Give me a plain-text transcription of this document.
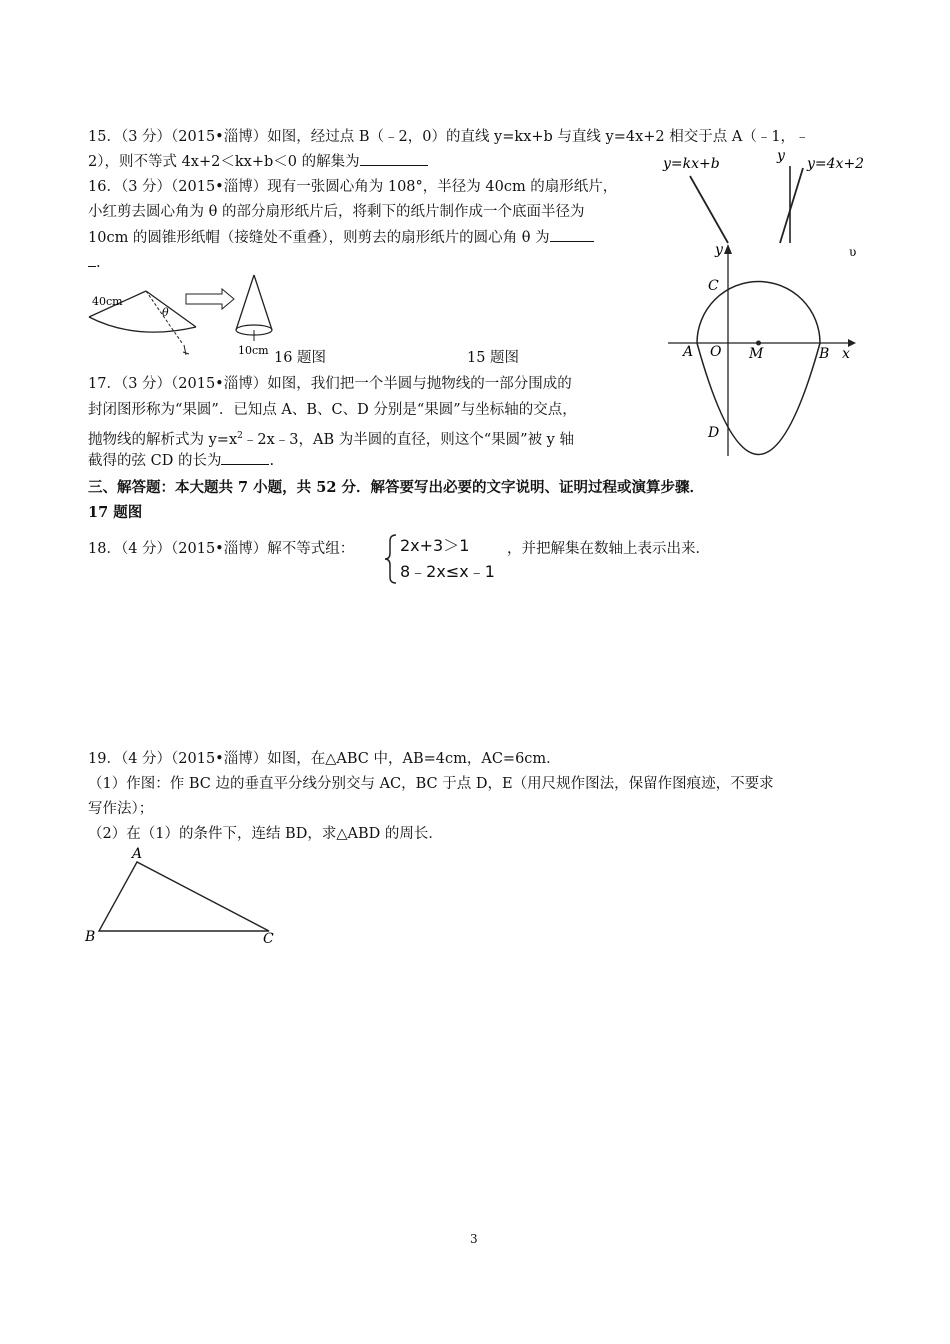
15．（3 分）（2015•淄博）如图，经过点 B（﹣2，0）的直线 y=kx+b 与直线 y=4x+2 相交于点 A（﹣1，﹣
2），则不等式 4x+2＜kx+b＜0 的解集为	y=kx+b	y=4x+2
y
υ
16．（3 分）（2015•淄博）现有一张圆心角为 108°，半径为 40cm 的扇形纸片，
小红剪去圆心角为 θ 的部分扇形纸片后，将剩下的纸片制作成一个底面半径为
10cm 的圆锥形纸帽（接缝处不重叠），则剪去的扇形纸片的圆心角 θ 为
.
40cm
θ
10cm 16 题图	15 题图
y
x
A O M	B
C
D
17．（3 分）（2015•淄博）如图，我们把一个半圆与抛物线的一部分围成的
封闭图形称为“果圆”．已知点 A、B、C、D 分别是“果圆”与坐标轴的交点，
抛物线的解析式为 $y=x^2﹣2x﹣3$，AB 为半圆的直径，则这个“果圆”被 y 轴
截得的弦 CD 的长为	.
三、解答题：本大题共 7 小题，共 52 分．解答要写出必要的文字说明、证明过程或演算步骤．
17 题图
18．（4 分）（2015•淄博）解不等式组：	2x+3＞1
8﹣2x≤x﹣1
，并把解集在数轴上表示出来．
19．（4 分）（2015•淄博）如图，在△ABC 中，AB=4cm，AC=6cm．
（1）作图：作 BC 边的垂直平分线分别交与 AC，BC 于点 D，E（用尺规作图法，保留作图痕迹，不要求
写作法）；
（2）在（1）的条件下，连结 BD，求△ABD 的周长．
A
B	C
3
